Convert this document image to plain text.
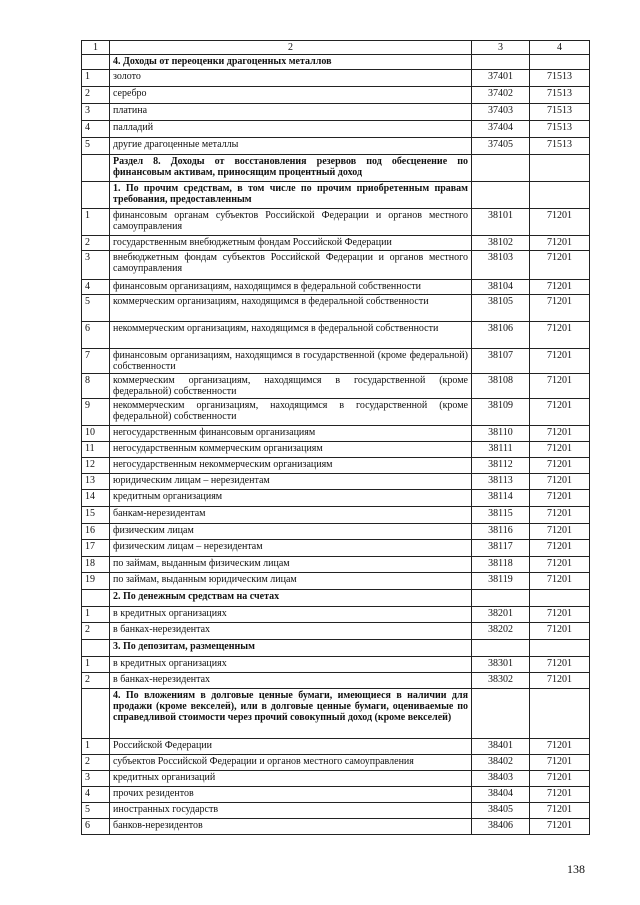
1	2	3	4
	4. Доходы от переоценки драгоценных металлов		
1	золото	37401	71513
2	серебро	37402	71513
3	платина	37403	71513
4	палладий	37404	71513
5	другие драгоценные металлы	37405	71513
	Раздел 8. Доходы от восстановления резервов под обесценение по финансовым активам, приносящим процентный доход		
	1. По прочим средствам, в том числе по прочим приобретенным правам требования, предоставленным		
1	финансовым органам субъектов Российской Федерации и органов местного самоуправления	38101	71201
2	государственным внебюджетным фондам Российской Федерации	38102	71201
3	внебюджетным фондам субъектов Российской Федерации и органов местного самоуправления	38103	71201
4	финансовым организациям, находящимся в федеральной собственности	38104	71201
5	коммерческим организациям, находящимся в федеральной собственности	38105	71201
6	некоммерческим организациям, находящимся в федеральной собственности	38106	71201
7	финансовым организациям, находящимся в государственной (кроме федеральной) собственности	38107	71201
8	коммерческим организациям, находящимся в государственной (кроме федеральной) собственности	38108	71201
9	некоммерческим организациям, находящимся в государственной (кроме федеральной) собственности	38109	71201
10	негосударственным финансовым организациям	38110	71201
11	негосударственным коммерческим организациям	38111	71201
12	негосударственным некоммерческим организациям	38112	71201
13	юридическим лицам – нерезидентам	38113	71201
14	кредитным организациям	38114	71201
15	банкам-нерезидентам	38115	71201
16	физическим лицам	38116	71201
17	физическим лицам – нерезидентам	38117	71201
18	по займам, выданным физическим лицам	38118	71201
19	по займам, выданным юридическим лицам	38119	71201
	2. По денежным средствам на счетах		
1	в кредитных организациях	38201	71201
2	в банках-нерезидентах	38202	71201
	3. По депозитам, размещенным		
1	в кредитных организациях	38301	71201
2	в банках-нерезидентах	38302	71201
	4. По вложениям в долговые ценные бумаги, имеющиеся в наличии для продажи (кроме векселей), или в долговые ценные бумаги, оцениваемые по справедливой стоимости через прочий совокупный доход (кроме векселей)		
1	Российской Федерации	38401	71201
2	субъектов Российской Федерации и органов местного самоуправления	38402	71201
3	кредитных организаций	38403	71201
4	прочих резидентов	38404	71201
5	иностранных государств	38405	71201
6	банков-нерезидентов	38406	71201
138
